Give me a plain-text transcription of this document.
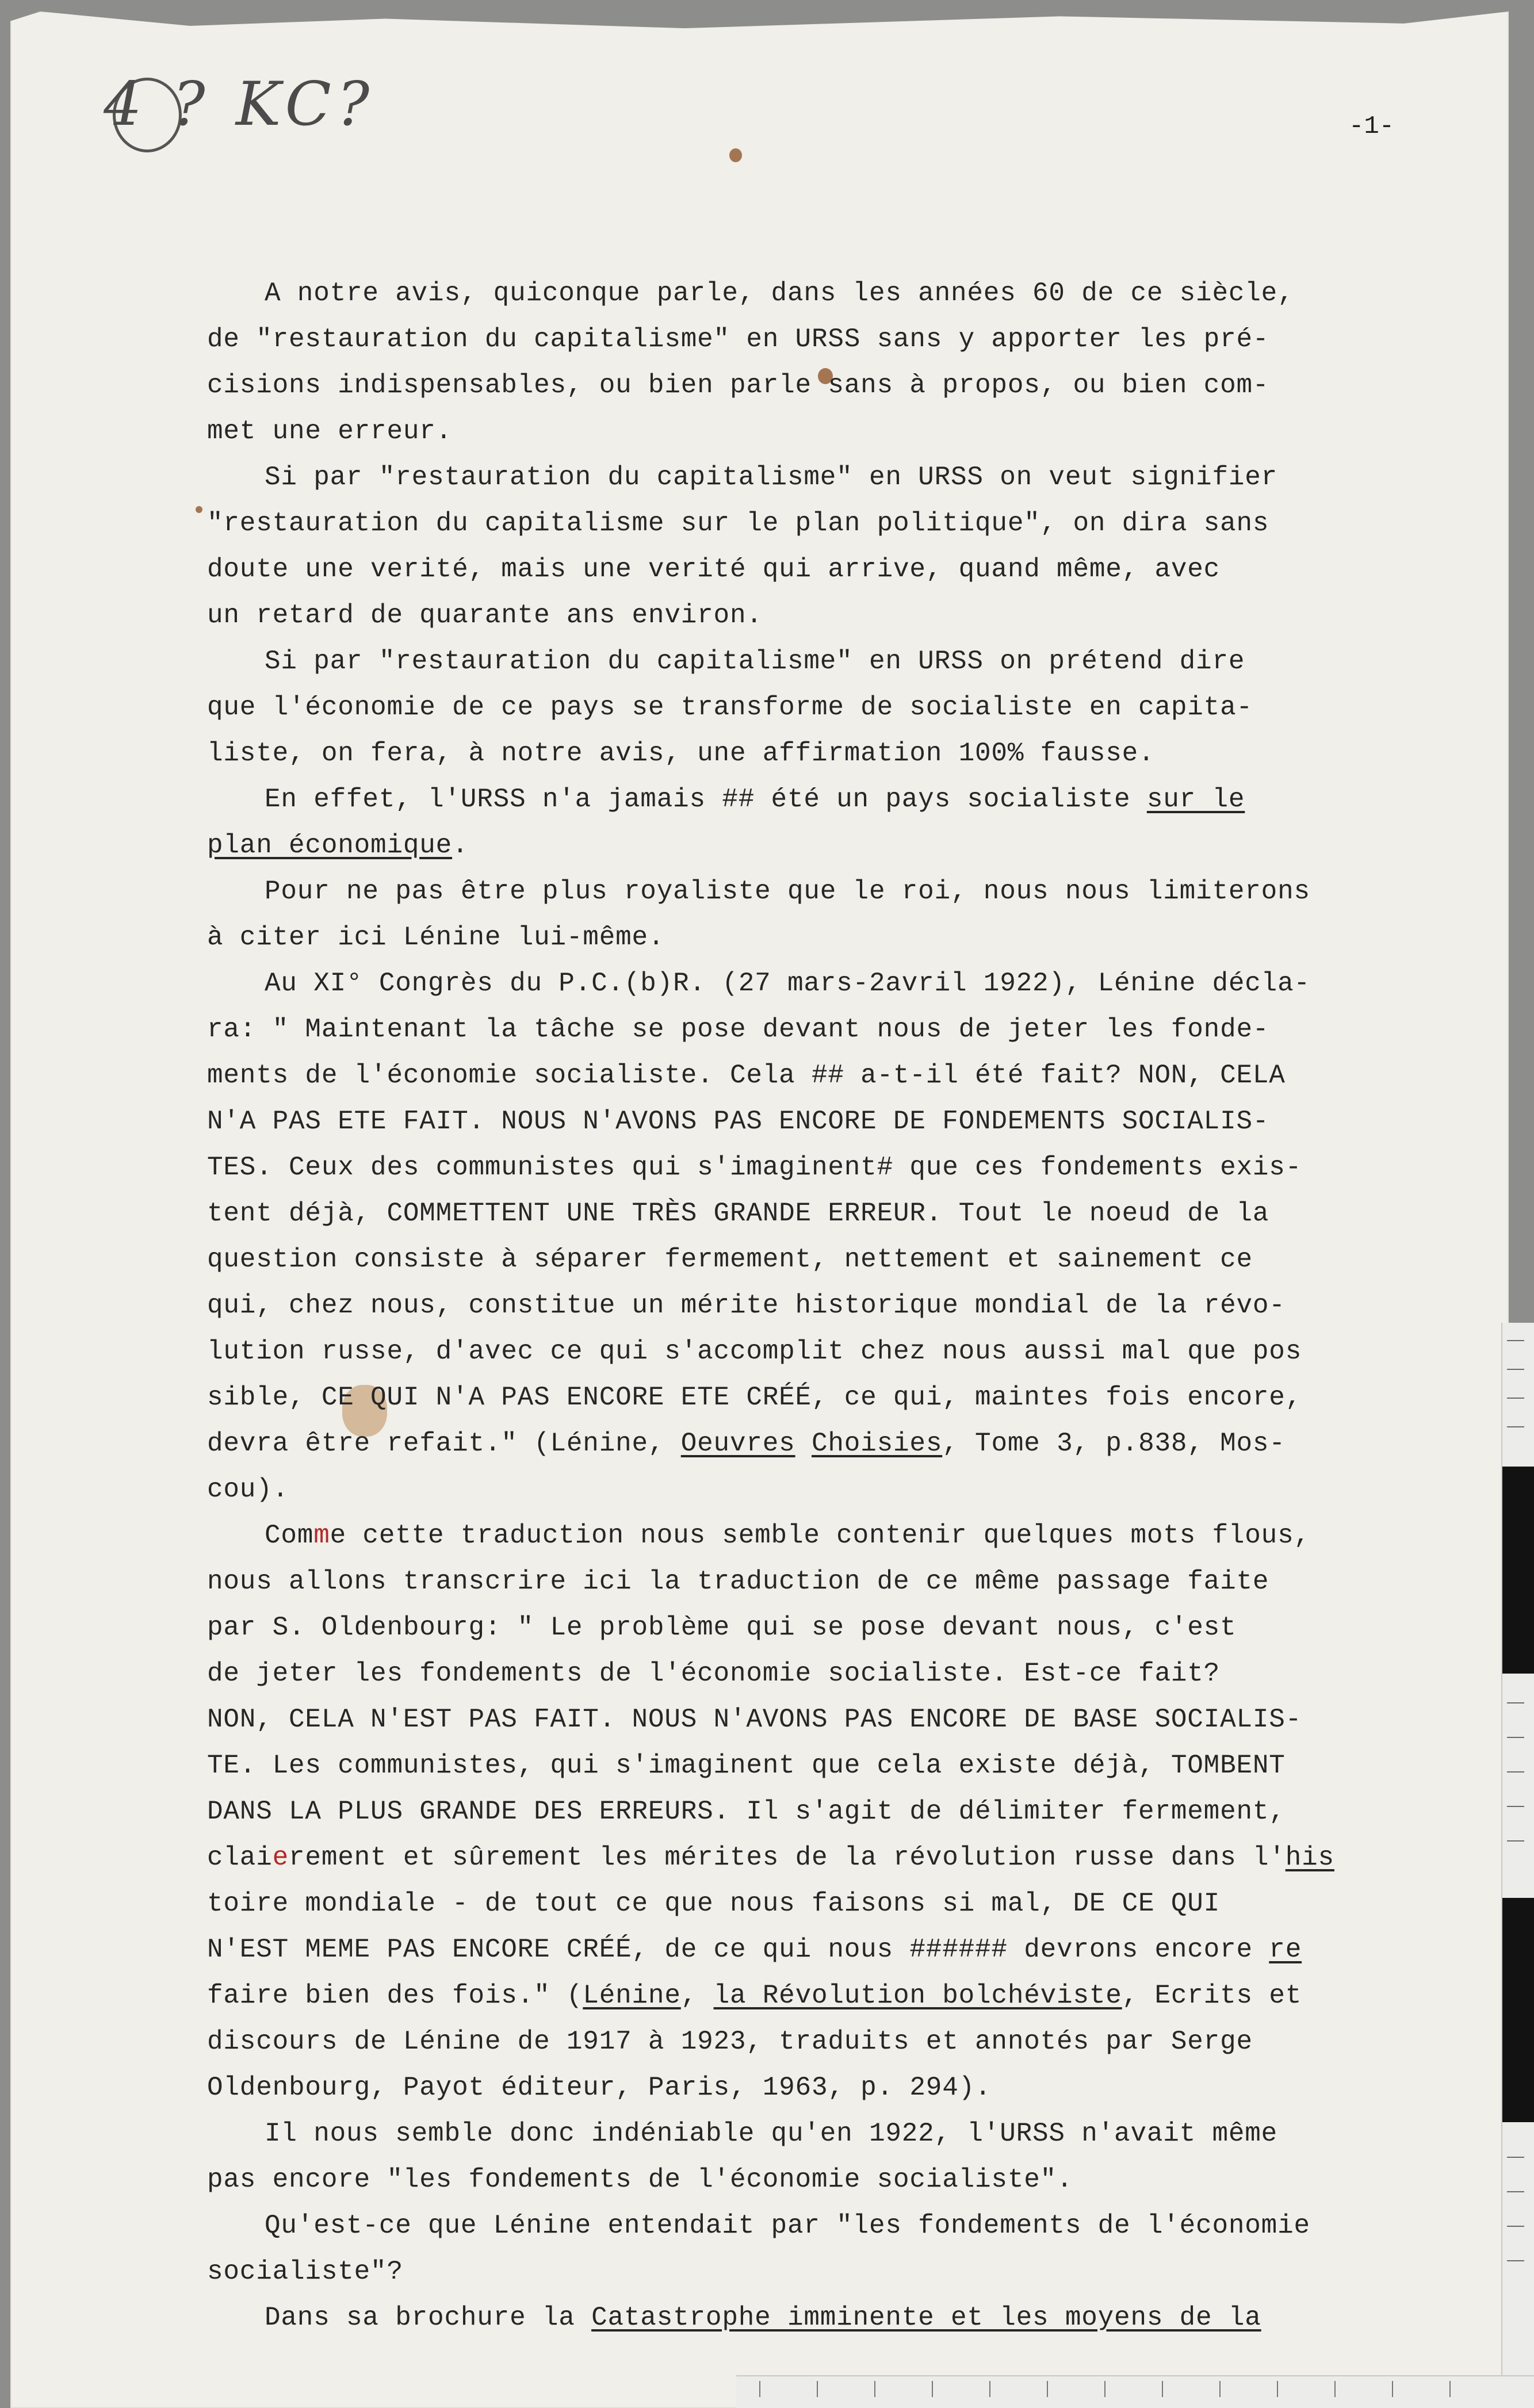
4 ? KC?	-1-
A notre avis, quiconque parle, dans les années 60 de ce siècle,
de "restauration du capitalisme" en URSS sans y apporter les pré-
cisions indispensables, ou bien parle sans à propos, ou bien com-
met une erreur.
Si par "restauration du capitalisme" en URSS on veut signifier
"restauration du capitalisme sur le plan politique", on dira sans
doute une verité, mais une verité qui arrive, quand même, avec
un retard de quarante ans environ.
Si par "restauration du capitalisme" en URSS on prétend dire
que l'économie de ce pays se transforme de socialiste en capita-
liste, on fera, à notre avis, une affirmation 100% fausse.
En effet, l'URSS n'a jamais ## été un pays socialiste sur le
plan économique.
Pour ne pas être plus royaliste que le roi, nous nous limiterons
à citer ici Lénine lui-même.
Au XI° Congrès du P.C.(b)R. (27 mars-2avril 1922), Lénine décla-
ra: " Maintenant la tâche se pose devant nous de jeter les fonde-
ments de l'économie socialiste. Cela ## a-t-il été fait? NON, CELA
N'A PAS ETE FAIT. NOUS N'AVONS PAS ENCORE DE FONDEMENTS SOCIALIS-
TES. Ceux des communistes qui s'imaginent# que ces fondements exis-
tent déjà, COMMETTENT UNE TRÈS GRANDE ERREUR. Tout le noeud de la
question consiste à séparer fermement, nettement et sainement ce
qui, chez nous, constitue un mérite historique mondial de la révo-
lution russe, d'avec ce qui s'accomplit chez nous aussi mal que pos
sible, CE QUI N'A PAS ENCORE ETE CRÉÉ, ce qui, maintes fois encore,
devra être refait." (Lénine, Oeuvres Choisies, Tome 3, p.838, Mos-
cou).
Comme cette traduction nous semble contenir quelques mots flous,
nous allons transcrire ici la traduction de ce même passage faite
par S. Oldenbourg: " Le problème qui se pose devant nous, c'est
de jeter les fondements de l'économie socialiste. Est-ce fait?
NON, CELA N'EST PAS FAIT. NOUS N'AVONS PAS ENCORE DE BASE SOCIALIS-
TE. Les communistes, qui s'imaginent que cela existe déjà, TOMBENT
DANS LA PLUS GRANDE DES ERREURS. Il s'agit de délimiter fermement,
claierement et sûrement les mérites de la révolution russe dans l'his
toire mondiale - de tout ce que nous faisons si mal, DE CE QUI
N'EST MEME PAS ENCORE CRÉÉ, de ce qui nous ###### devrons encore re
faire bien des fois." (Lénine, la Révolution bolchéviste, Ecrits et
discours de Lénine de 1917 à 1923, traduits et annotés par Serge
Oldenbourg, Payot éditeur, Paris, 1963, p. 294).
Il nous semble donc indéniable qu'en 1922, l'URSS n'avait même
pas encore "les fondements de l'économie socialiste".
Qu'est-ce que Lénine entendait par "les fondements de l'économie
socialiste"?
Dans sa brochure la Catastrophe imminente et les moyens de la
